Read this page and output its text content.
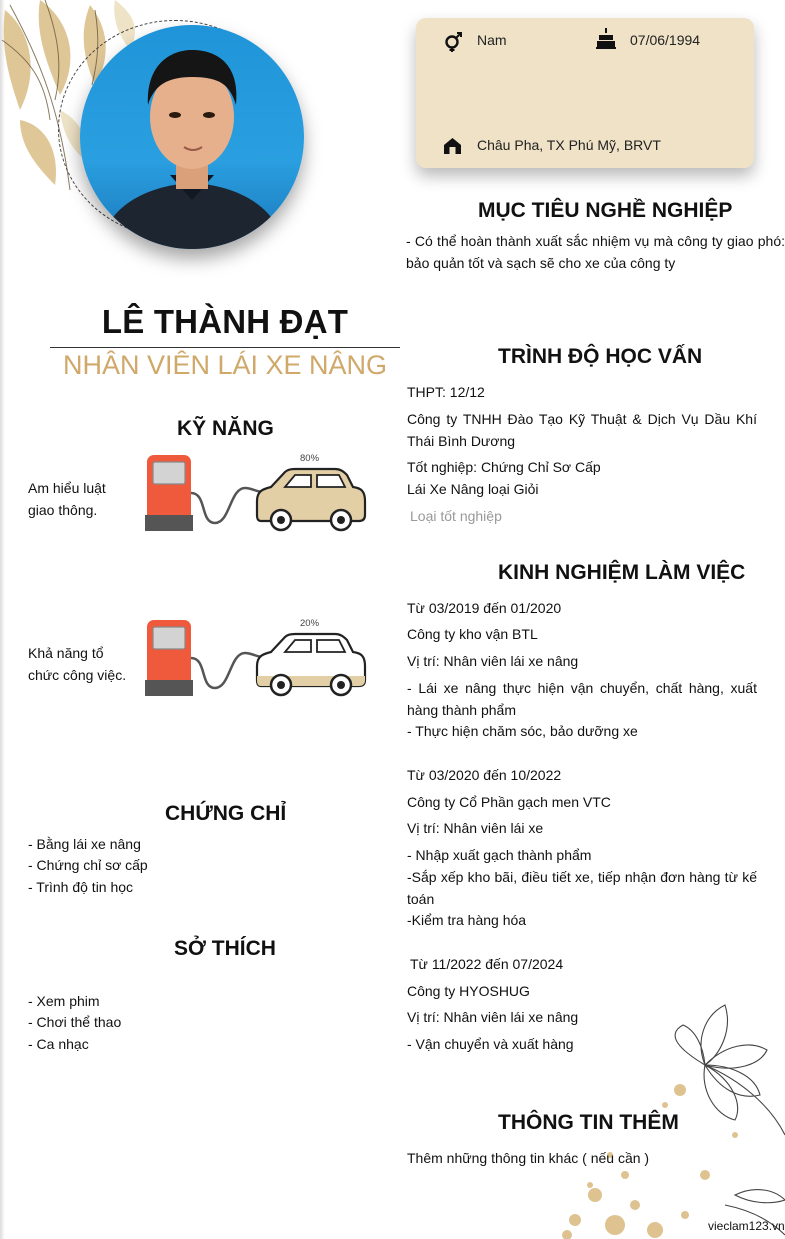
Nam	07/06/1994
Châu Pha, TX Phú Mỹ, BRVT
LÊ THÀNH ĐẠT
NHÂN VIÊN LÁI XE NÂNG
MỤC TIÊU NGHỀ NGHIỆP
- Có thể hoàn thành xuất sắc nhiệm vụ mà công ty giao phó: bảo quản tốt và sạch sẽ cho xe của công ty
KỸ NĂNG
Am hiểu luật giao thông.
80%
Khả năng tổ chức công việc.
20%
CHỨNG CHỈ
- Bằng lái xe nâng
- Chứng chỉ sơ cấp
- Trình độ tin học
SỞ THÍCH
- Xem phim
- Chơi thể thao
- Ca nhạc
TRÌNH ĐỘ HỌC VẤN
THPT: 12/12
Công ty TNHH Đào Tạo Kỹ Thuật & Dịch Vụ Dầu Khí Thái Bình Dương
Tốt nghiệp: Chứng Chỉ Sơ Cấp
Lái Xe Nâng loại Giỏi
Loại tốt nghiệp
KINH NGHIỆM LÀM VIỆC
Từ 03/2019 đến 01/2020
Công ty kho vận BTL
Vị trí: Nhân viên lái xe nâng
- Lái xe nâng thực hiện vận chuyển, chất hàng, xuất hàng thành phẩm
- Thực hiện chăm sóc, bảo dưỡng xe
Từ 03/2020 đến 10/2022
Công ty Cổ Phần gạch men VTC
Vị trí: Nhân viên lái xe
- Nhập xuất gạch thành phẩm
-Sắp xếp kho bãi, điều tiết xe, tiếp nhận đơn hàng từ kế toán
-Kiểm tra hàng hóa
Từ 11/2022 đến 07/2024
Công ty HYOSHUG
Vị trí: Nhân viên lái xe nâng
- Vận chuyển và xuất hàng
THÔNG TIN THÊM
Thêm những thông tin khác ( nếu cần )
vieclam123.vn
